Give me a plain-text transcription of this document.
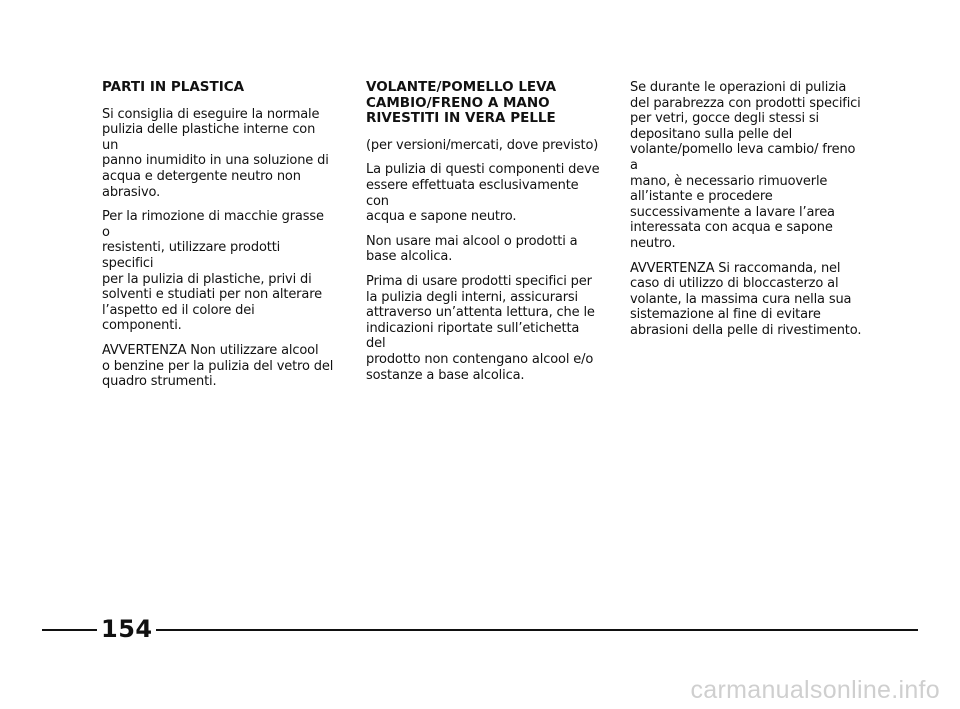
PARTI IN PLASTICA

Si consiglia di eseguire la normale
pulizia delle plastiche interne con un
panno inumidito in una soluzione di
acqua e detergente neutro non
abrasivo.

Per la rimozione di macchie grasse o
resistenti, utilizzare prodotti specifici
per la pulizia di plastiche, privi di
solventi e studiati per non alterare
l’aspetto ed il colore dei
componenti.

AVVERTENZA Non utilizzare alcool
o benzine per la pulizia del vetro del
quadro strumenti.

VOLANTE/POMELLO LEVA
CAMBIO/FRENO A MANO
RIVESTITI IN VERA PELLE

(per versioni/mercati, dove previsto)

La pulizia di questi componenti deve
essere effettuata esclusivamente con
acqua e sapone neutro.

Non usare mai alcool o prodotti a
base alcolica.

Prima di usare prodotti specifici per
la pulizia degli interni, assicurarsi
attraverso un’attenta lettura, che le
indicazioni riportate sull’etichetta del
prodotto non contengano alcool e/o
sostanze a base alcolica.

Se durante le operazioni di pulizia
del parabrezza con prodotti specifici
per vetri, gocce degli stessi si
depositano sulla pelle del
volante/pomello leva cambio/ freno a
mano, è necessario rimuoverle
all’istante e procedere
successivamente a lavare l’area
interessata con acqua e sapone
neutro.

AVVERTENZA Si raccomanda, nel
caso di utilizzo di bloccasterzo al
volante, la massima cura nella sua
sistemazione al fine di evitare
abrasioni della pelle di rivestimento.

154
carmanualsonline.info
